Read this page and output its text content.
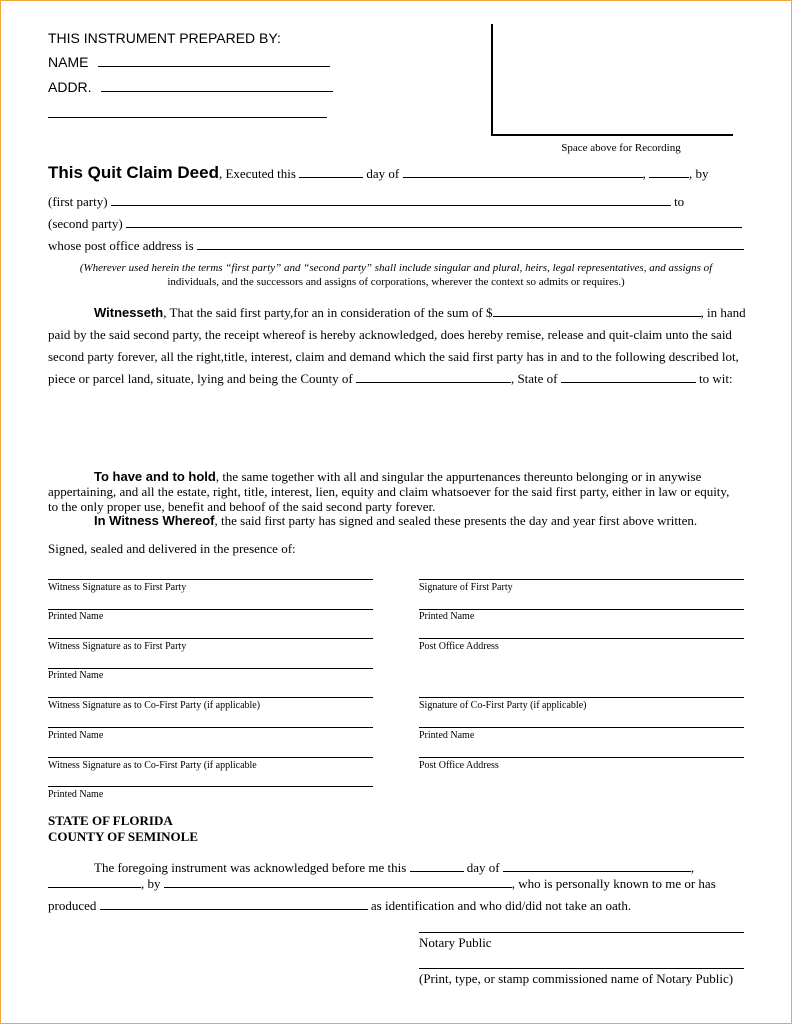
THIS INSTRUMENT PREPARED BY:
NAME
ADDR.
Space above for Recording
This Quit Claim Deed, Executed this	day of	,	, by
(first party)	to
(second party)
whose post office address is
(Wherever used herein the terms “first party” and “second party” shall include singular and plural, heirs, legal representatives, and assigns of
individuals, and the successors and assigns of corporations, wherever the context so admits or requires.)
Witnesseth, That the said first party,for an in consideration of the sum of $	, in hand
paid by the said second party, the receipt whereof is hereby acknowledged, does hereby remise, release and quit-claim unto the said
second party forever, all the right,title, interest, claim and demand which the said first party has in and to the following described lot,
piece or parcel land, situate, lying and being the County of	, State of	to wit:
To have and to hold, the same together with all and singular the appurtenances thereunto belonging or in anywise
appertaining, and all the estate, right, title, interest, lien, equity and claim whatsoever for the said first party, either in law or equity,
to the only proper use, benefit and behoof of the said second party forever.
In Witness Whereof, the said first party has signed and sealed these presents the day and year first above written.
Signed, sealed and delivered in the presence of:
Witness Signature as to First Party
Printed Name
Witness Signature as to First Party
Printed Name
Witness Signature as to Co-First Party (if applicable)
Printed Name
Witness Signature as to Co-First Party (if applicable
Printed Name
Signature of First Party
Printed Name
Post Office Address
Signature of Co-First Party (if applicable)
Printed Name
Post Office Address
STATE OF FLORIDA
COUNTY OF SEMINOLE
The foregoing instrument was acknowledged before me this	day of	,
, by	, who is personally known to me or has
produced	as identification and who did/did not take an oath.
Notary Public
(Print, type, or stamp commissioned name of Notary Public)
